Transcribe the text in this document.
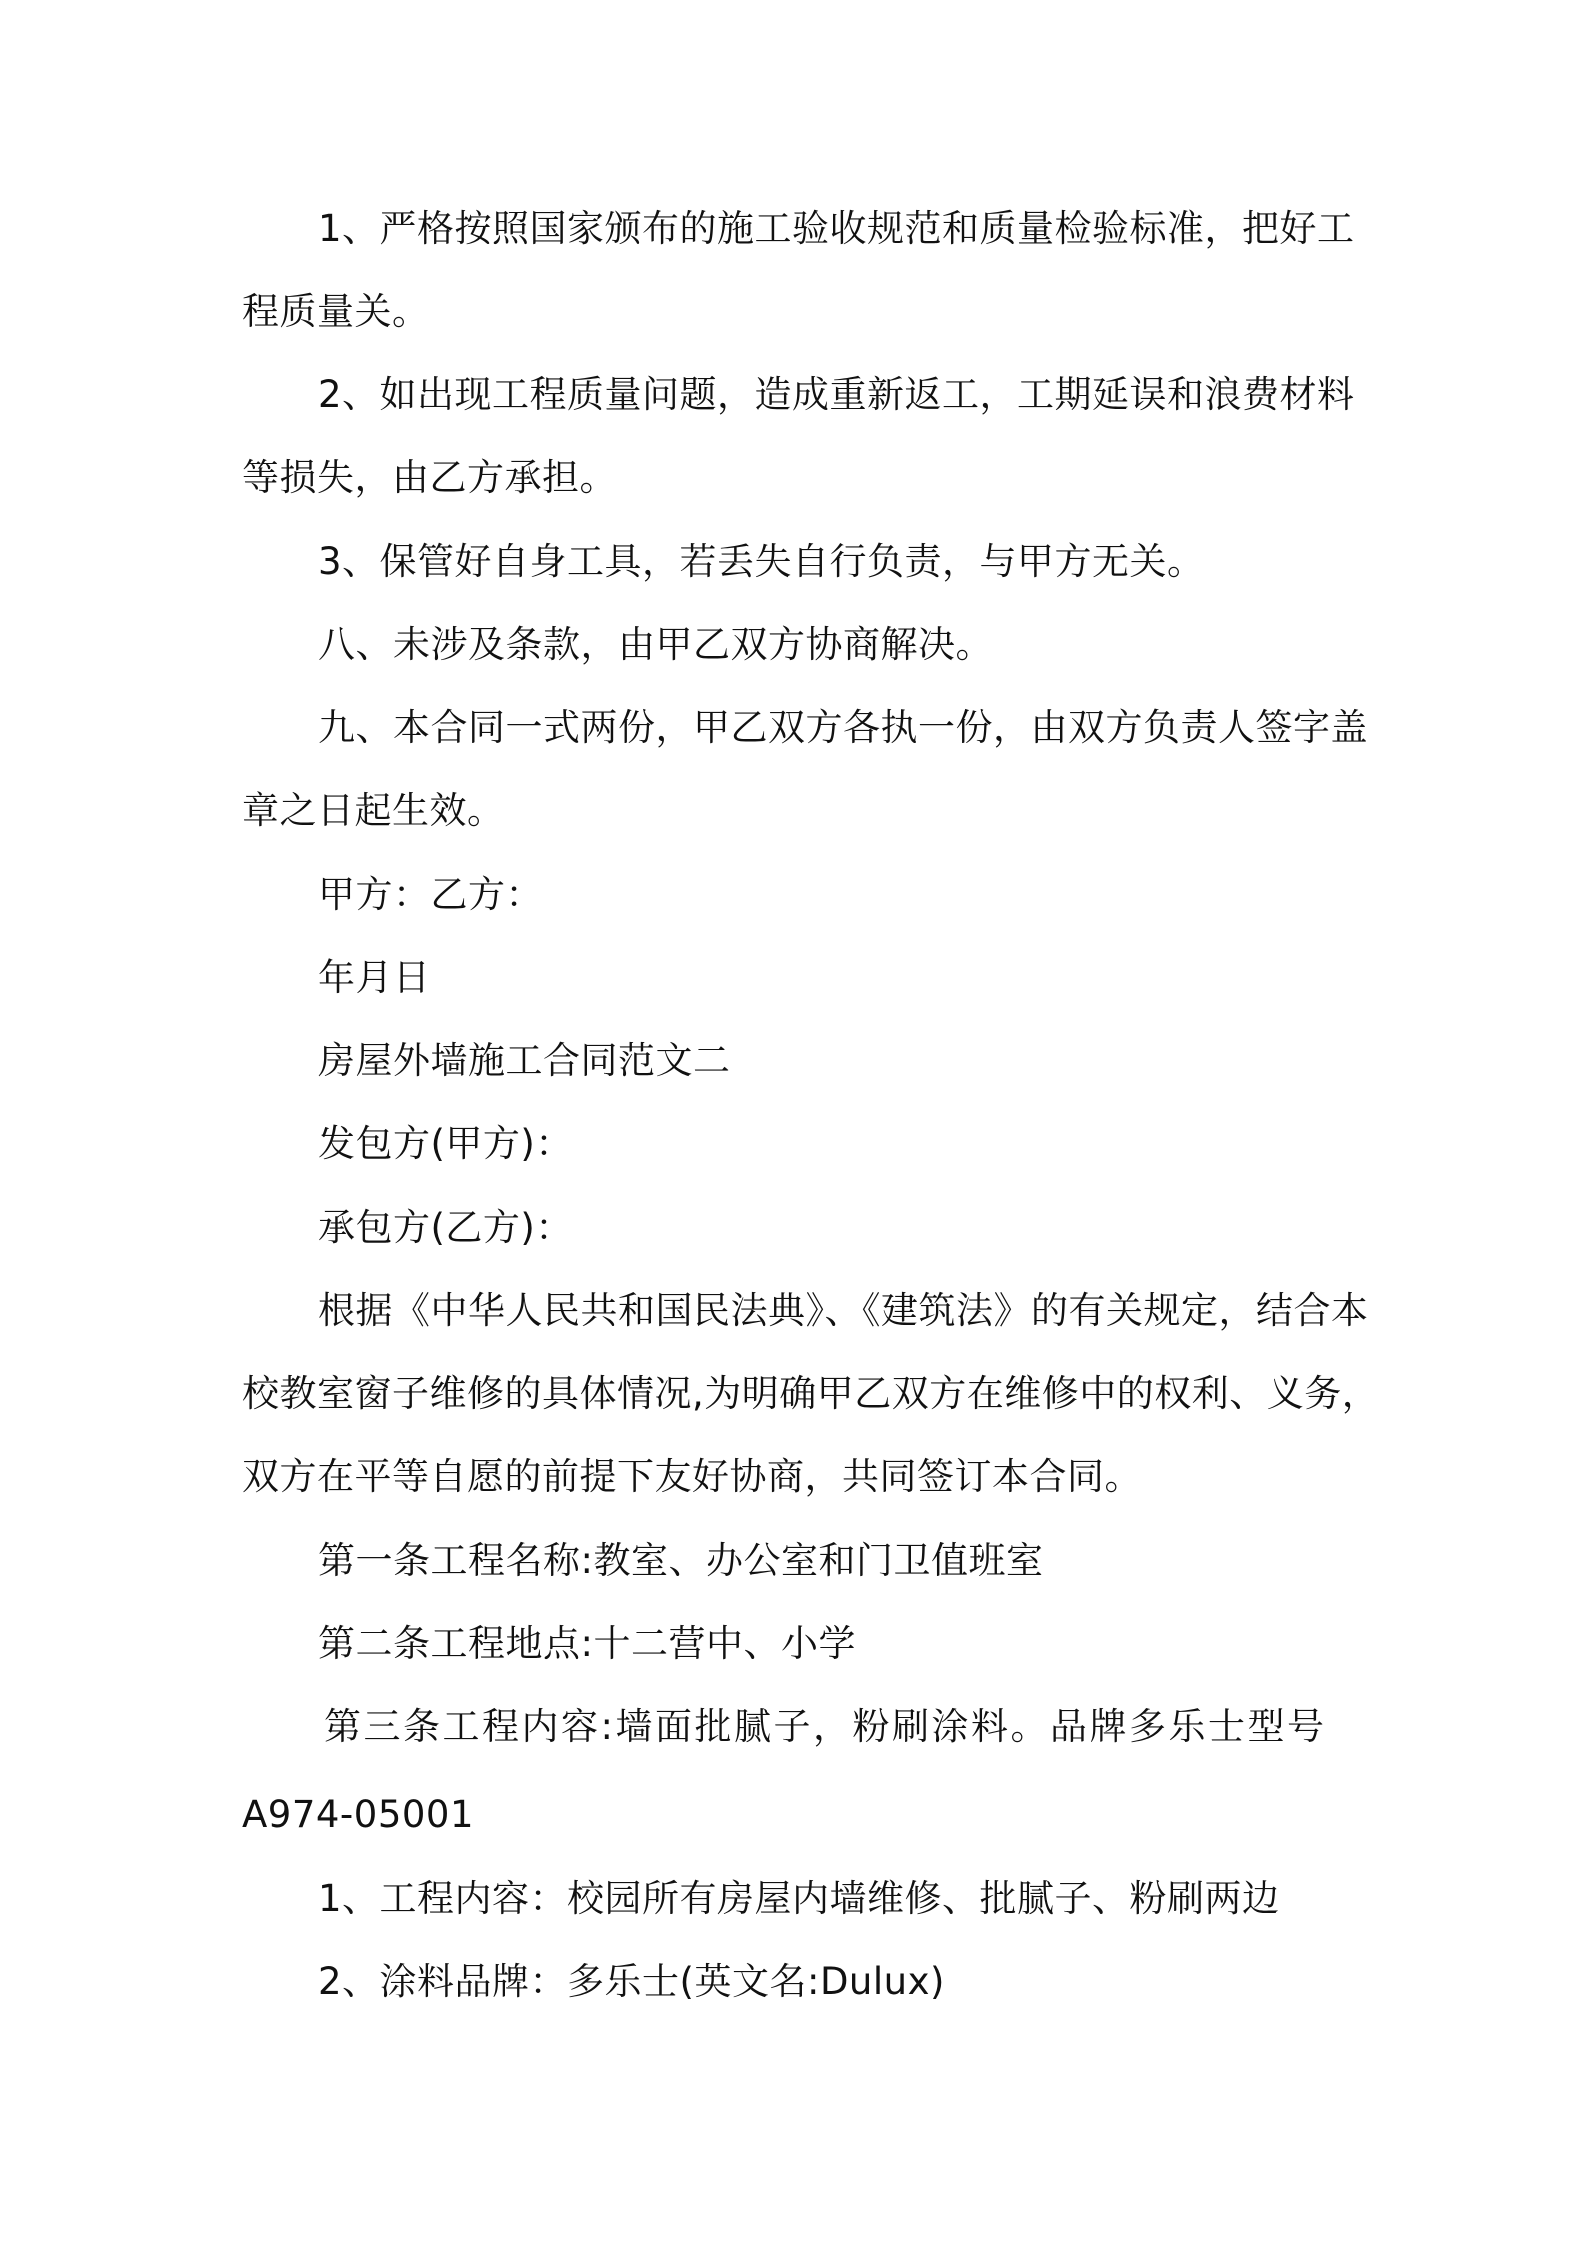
1、严格按照国家颁布的施工验收规范和质量检验标准，把好工

程质量关。

2、如出现工程质量问题，造成重新返工，工期延误和浪费材料

等损失，由乙方承担。

3、保管好自身工具，若丢失自行负责，与甲方无关。

八、未涉及条款，由甲乙双方协商解决。

九、本合同一式两份，甲乙双方各执一份，由双方负责人签字盖

章之日起生效。

甲方：乙方：

年月日

房屋外墙施工合同范文二

发包方(甲方)：

承包方(乙方)：

根据《中华人民共和国民法典》、《建筑法》的有关规定，结合本

校教室窗子维修的具体情况,为明确甲乙双方在维修中的权利、义务，

双方在平等自愿的前提下友好协商，共同签订本合同。

第一条工程名称:教室、办公室和门卫值班室

第二条工程地点:十二营中、小学

第三条工程内容:墙面批腻子，粉刷涂料。品牌多乐士型号

A974-05001

1、工程内容：校园所有房屋内墙维修、批腻子、粉刷两边

2、涂料品牌：多乐士(英文名:Dulux)
